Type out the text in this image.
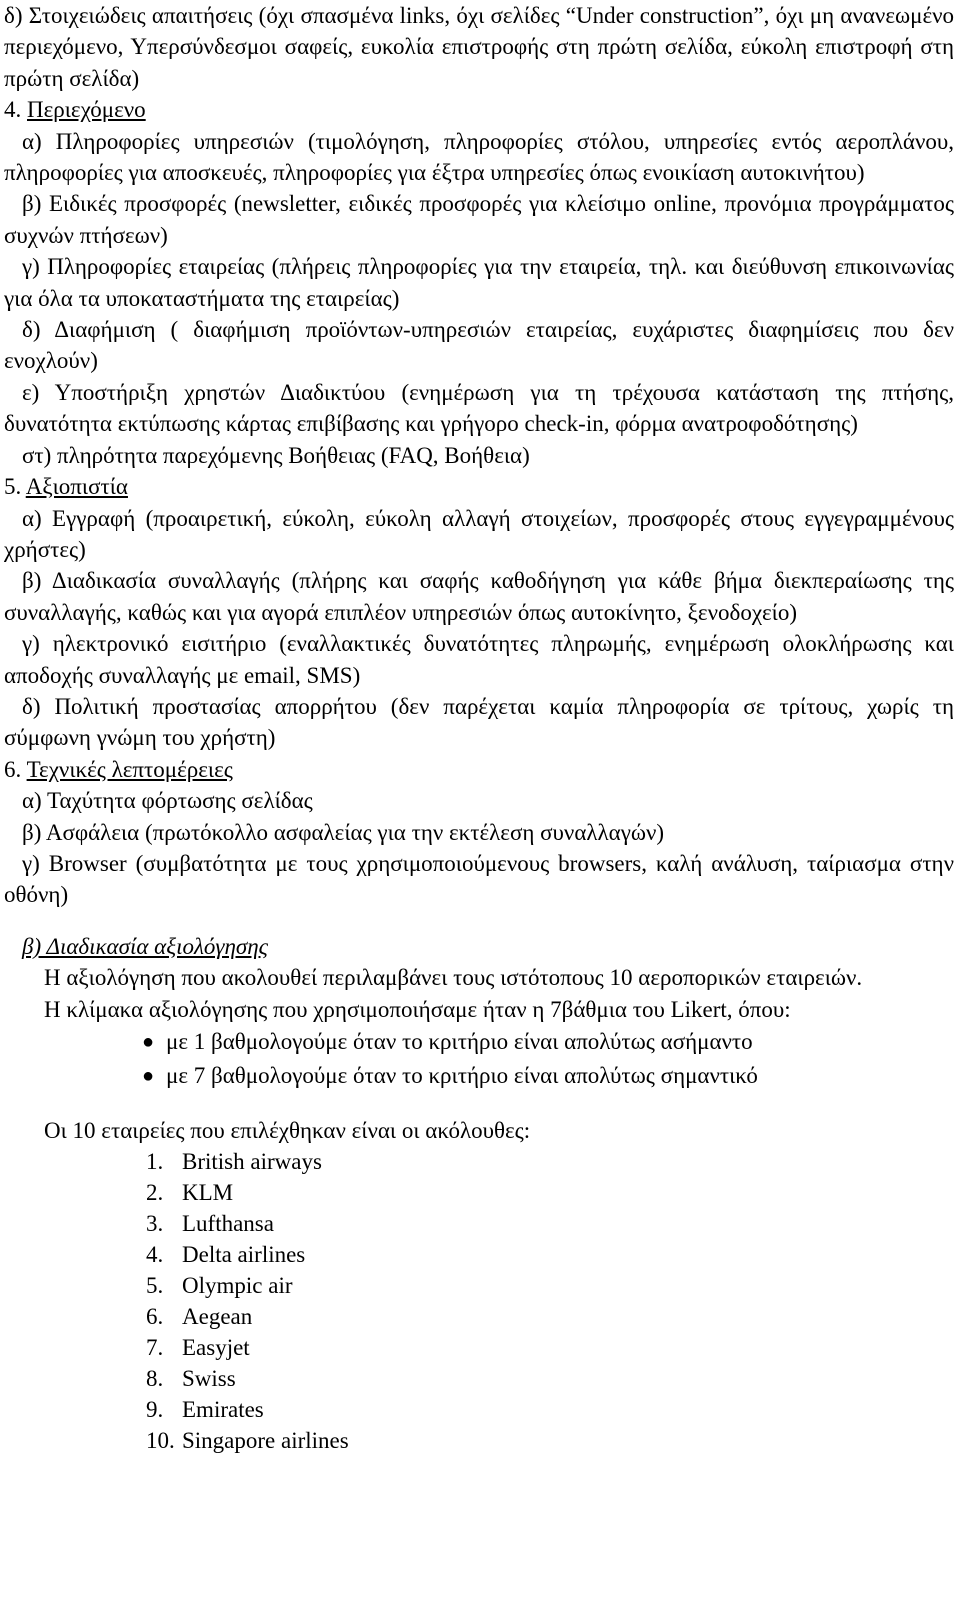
δ) Στοιχειώδεις απαιτήσεις (όχι σπασμένα links, όχι σελίδες “Under construction”, όχι μη ανανεωμένο περιεχόμενο, Υπερσύνδεσμοι σαφείς, ευκολία επιστροφής στη πρώτη σελίδα, εύκολη επιστροφή στη πρώτη σελίδα)

4. Περιεχόμενο

α) Πληροφορίες υπηρεσιών (τιμολόγηση, πληροφορίες στόλου, υπηρεσίες εντός αεροπλάνου, πληροφορίες για αποσκευές, πληροφορίες για έξτρα υπηρεσίες όπως ενοικίαση αυτοκινήτου)

β) Ειδικές προσφορές (newsletter, ειδικές προσφορές για κλείσιμο online, προνόμια προγράμματος συχνών πτήσεων)

γ) Πληροφορίες εταιρείας (πλήρεις πληροφορίες για την εταιρεία, τηλ. και διεύθυνση επικοινωνίας για όλα τα υποκαταστήματα της εταιρείας)

δ) Διαφήμιση ( διαφήμιση προϊόντων-υπηρεσιών εταιρείας, ευχάριστες διαφημίσεις που δεν ενοχλούν)

ε) Υποστήριξη χρηστών Διαδικτύου (ενημέρωση για τη τρέχουσα κατάσταση της πτήσης, δυνατότητα εκτύπωσης κάρτας επιβίβασης και γρήγορο check-in, φόρμα ανατροφοδότησης)

στ) πληρότητα παρεχόμενης Βοήθειας (FAQ, Βοήθεια)

5. Αξιοπιστία

α) Εγγραφή (προαιρετική, εύκολη, εύκολη αλλαγή στοιχείων, προσφορές στους εγγεγραμμένους χρήστες)

β) Διαδικασία συναλλαγής (πλήρης και σαφής καθοδήγηση για κάθε βήμα διεκπεραίωσης της συναλλαγής, καθώς και για αγορά επιπλέον υπηρεσιών όπως αυτοκίνητο, ξενοδοχείο)

γ) ηλεκτρονικό εισιτήριο (εναλλακτικές δυνατότητες πληρωμής, ενημέρωση ολοκλήρωσης και αποδοχής συναλλαγής με email, SMS)

δ) Πολιτική προστασίας απορρήτου (δεν παρέχεται καμία πληροφορία σε τρίτους, χωρίς τη σύμφωνη γνώμη του χρήστη)

6. Τεχνικές λεπτομέρειες

α) Ταχύτητα φόρτωσης σελίδας

β) Ασφάλεια (πρωτόκολλο ασφαλείας για την εκτέλεση συναλλαγών)

γ) Browser (συμβατότητα με τους χρησιμοποιούμενους browsers, καλή ανάλυση, ταίριασμα στην οθόνη)

β) Διαδικασία αξιολόγησης

Η αξιολόγηση που ακολουθεί περιλαμβάνει τους ιστότοπους 10 αεροπορικών εταιρειών.

Η κλίμακα αξιολόγησης που χρησιμοποιήσαμε ήταν η 7βάθμια του Likert, όπου:

● με 1 βαθμολογούμε όταν το κριτήριο είναι απολύτως ασήμαντο
● με 7 βαθμολογούμε όταν το κριτήριο είναι απολύτως σημαντικό

Οι 10 εταιρείες που επιλέχθηκαν είναι οι ακόλουθες:

1. British airways
2. KLM
3. Lufthansa
4. Delta airlines
5. Olympic air
6. Aegean
7. Easyjet
8. Swiss
9. Emirates
10. Singapore airlines
